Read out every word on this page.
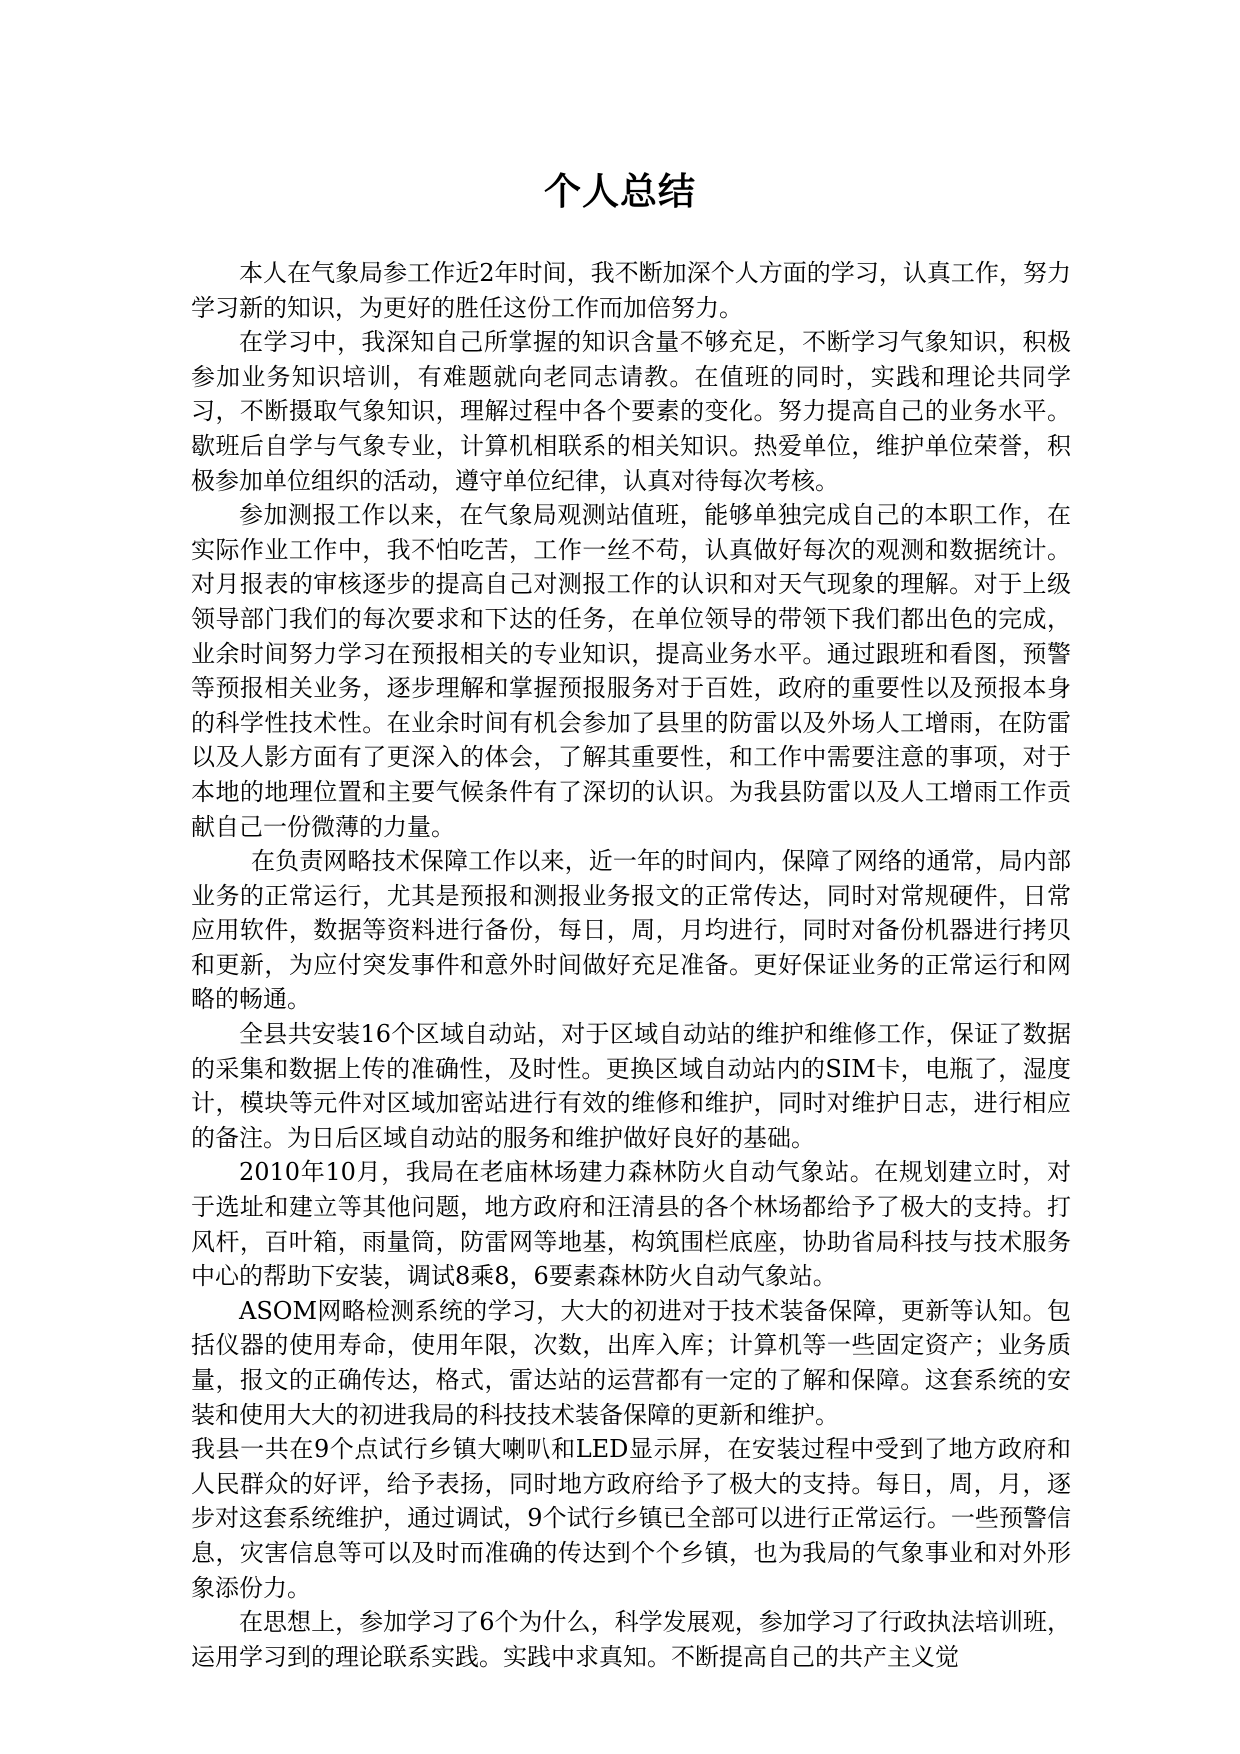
个人总结

本人在气象局参工作近2年时间，我不断加深个人方面的学习，认真工作，努力学习新的知识，为更好的胜任这份工作而加倍努力。

在学习中，我深知自己所掌握的知识含量不够充足，不断学习气象知识，积极参加业务知识培训，有难题就向老同志请教。在值班的同时，实践和理论共同学习，不断摄取气象知识，理解过程中各个要素的变化。努力提高自己的业务水平。歇班后自学与气象专业，计算机相联系的相关知识。热爱单位，维护单位荣誉，积极参加单位组织的活动，遵守单位纪律，认真对待每次考核。

参加测报工作以来，在气象局观测站值班，能够单独完成自己的本职工作，在实际作业工作中，我不怕吃苦，工作一丝不苟，认真做好每次的观测和数据统计。对月报表的审核逐步的提高自己对测报工作的认识和对天气现象的理解。对于上级领导部门我们的每次要求和下达的任务，在单位领导的带领下我们都出色的完成，业余时间努力学习在预报相关的专业知识，提高业务水平。通过跟班和看图，预警等预报相关业务，逐步理解和掌握预报服务对于百姓，政府的重要性以及预报本身的科学性技术性。在业余时间有机会参加了县里的防雷以及外场人工增雨，在防雷以及人影方面有了更深入的体会，了解其重要性，和工作中需要注意的事项，对于本地的地理位置和主要气候条件有了深切的认识。为我县防雷以及人工增雨工作贡献自己一份微薄的力量。

在负责网略技术保障工作以来，近一年的时间内，保障了网络的通常，局内部业务的正常运行，尤其是预报和测报业务报文的正常传达，同时对常规硬件，日常应用软件，数据等资料进行备份，每日，周，月均进行，同时对备份机器进行拷贝和更新，为应付突发事件和意外时间做好充足准备。更好保证业务的正常运行和网略的畅通。

全县共安装16个区域自动站，对于区域自动站的维护和维修工作，保证了数据的采集和数据上传的准确性，及时性。更换区域自动站内的SIM卡，电瓶了，湿度计，模块等元件对区域加密站进行有效的维修和维护，同时对维护日志，进行相应的备注。为日后区域自动站的服务和维护做好良好的基础。

2010年10月，我局在老庙林场建力森林防火自动气象站。在规划建立时，对于选址和建立等其他问题，地方政府和汪清县的各个林场都给予了极大的支持。打风杆，百叶箱，雨量筒，防雷网等地基，构筑围栏底座，协助省局科技与技术服务中心的帮助下安装，调试8乘8，6要素森林防火自动气象站。

ASOM网略检测系统的学习，大大的初进对于技术装备保障，更新等认知。包括仪器的使用寿命，使用年限，次数，出库入库；计算机等一些固定资产；业务质量，报文的正确传达，格式，雷达站的运营都有一定的了解和保障。这套系统的安装和使用大大的初进我局的科技技术装备保障的更新和维护。

我县一共在9个点试行乡镇大喇叭和LED显示屏，在安装过程中受到了地方政府和人民群众的好评，给予表扬，同时地方政府给予了极大的支持。每日，周，月，逐步对这套系统维护，通过调试，9个试行乡镇已全部可以进行正常运行。一些预警信息，灾害信息等可以及时而准确的传达到个个乡镇，也为我局的气象事业和对外形象添份力。

在思想上，参加学习了6个为什么，科学发展观，参加学习了行政执法培训班，运用学习到的理论联系实践。实践中求真知。不断提高自己的共产主义觉
